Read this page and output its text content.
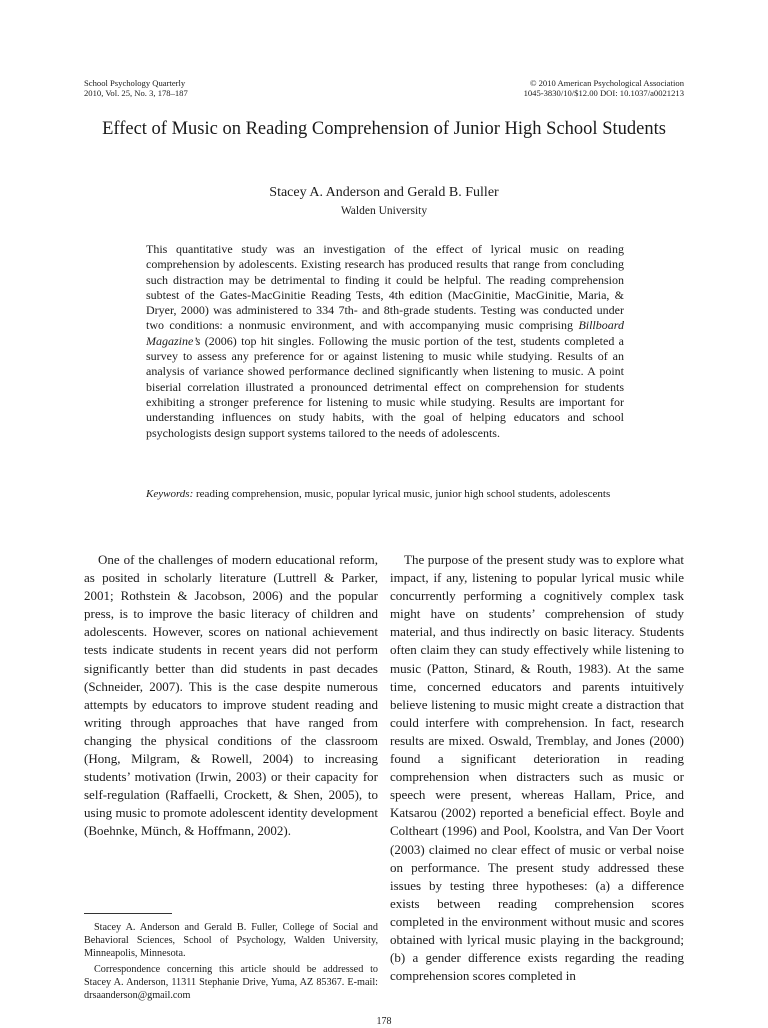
School Psychology Quarterly
2010, Vol. 25, No. 3, 178–187
© 2010 American Psychological Association
1045-3830/10/$12.00 DOI: 10.1037/a0021213
Effect of Music on Reading Comprehension of Junior High School Students
Stacey A. Anderson and Gerald B. Fuller
Walden University

This quantitative study was an investigation of the effect of lyrical music on reading comprehension by adolescents. Existing research has produced results that range from concluding such distraction may be detrimental to finding it could be helpful. The reading comprehension subtest of the Gates-MacGinitie Reading Tests, 4th edition (MacGinitie, MacGinitie, Maria, & Dryer, 2000) was administered to 334 7th- and 8th-grade students. Testing was conducted under two conditions: a nonmusic environment, and with accompanying music comprising Billboard Magazine’s (2006) top hit singles. Following the music portion of the test, students completed a survey to assess any preference for or against listening to music while studying. Results of an analysis of variance showed performance declined significantly when listening to music. A point biserial correlation illustrated a pronounced detrimental effect on comprehension for students exhibiting a stronger preference for listening to music while studying. Results are important for understanding influences on study habits, with the goal of helping educators and school psychologists design support systems tailored to the needs of adolescents.

Keywords: reading comprehension, music, popular lyrical music, junior high school students, adolescents

One of the challenges of modern educational reform, as posited in scholarly literature (Luttrell & Parker, 2001; Rothstein & Jacobson, 2006) and the popular press, is to improve the basic literacy of children and adolescents. However, scores on national achievement tests indicate students in recent years did not perform significantly better than did students in past decades (Schneider, 2007). This is the case despite numerous attempts by educators to improve student reading and writing through approaches that have ranged from changing the physical conditions of the classroom (Hong, Milgram, & Rowell, 2004) to increasing students’ motivation (Irwin, 2003) or their capacity for self-regulation (Raffaelli, Crockett, & Shen, 2005), to using music to promote adolescent identity development (Boehnke, Münch, & Hoffmann, 2002).

The purpose of the present study was to explore what impact, if any, listening to popular lyrical music while concurrently performing a cognitively complex task might have on students’ comprehension of study material, and thus indirectly on basic literacy. Students often claim they can study effectively while listening to music (Patton, Stinard, & Routh, 1983). At the same time, concerned educators and parents intuitively believe listening to music might create a distraction that could interfere with comprehension. In fact, research results are mixed. Oswald, Tremblay, and Jones (2000) found a significant deterioration in reading comprehension when distracters such as music or speech were present, whereas Hallam, Price, and Katsarou (2002) reported a beneficial effect. Boyle and Coltheart (1996) and Pool, Koolstra, and Van Der Voort (2003) claimed no clear effect of music or verbal noise on performance. The present study addressed these issues by testing three hypotheses: (a) a difference exists between reading comprehension scores completed in the environment without music and scores obtained with lyrical music playing in the background; (b) a gender difference exists regarding the reading comprehension scores completed in

Stacey A. Anderson and Gerald B. Fuller, College of Social and Behavioral Sciences, School of Psychology, Walden University, Minneapolis, Minnesota.

Correspondence concerning this article should be addressed to Stacey A. Anderson, 11311 Stephanie Drive, Yuma, AZ 85367. E-mail: drsaanderson@gmail.com

178
